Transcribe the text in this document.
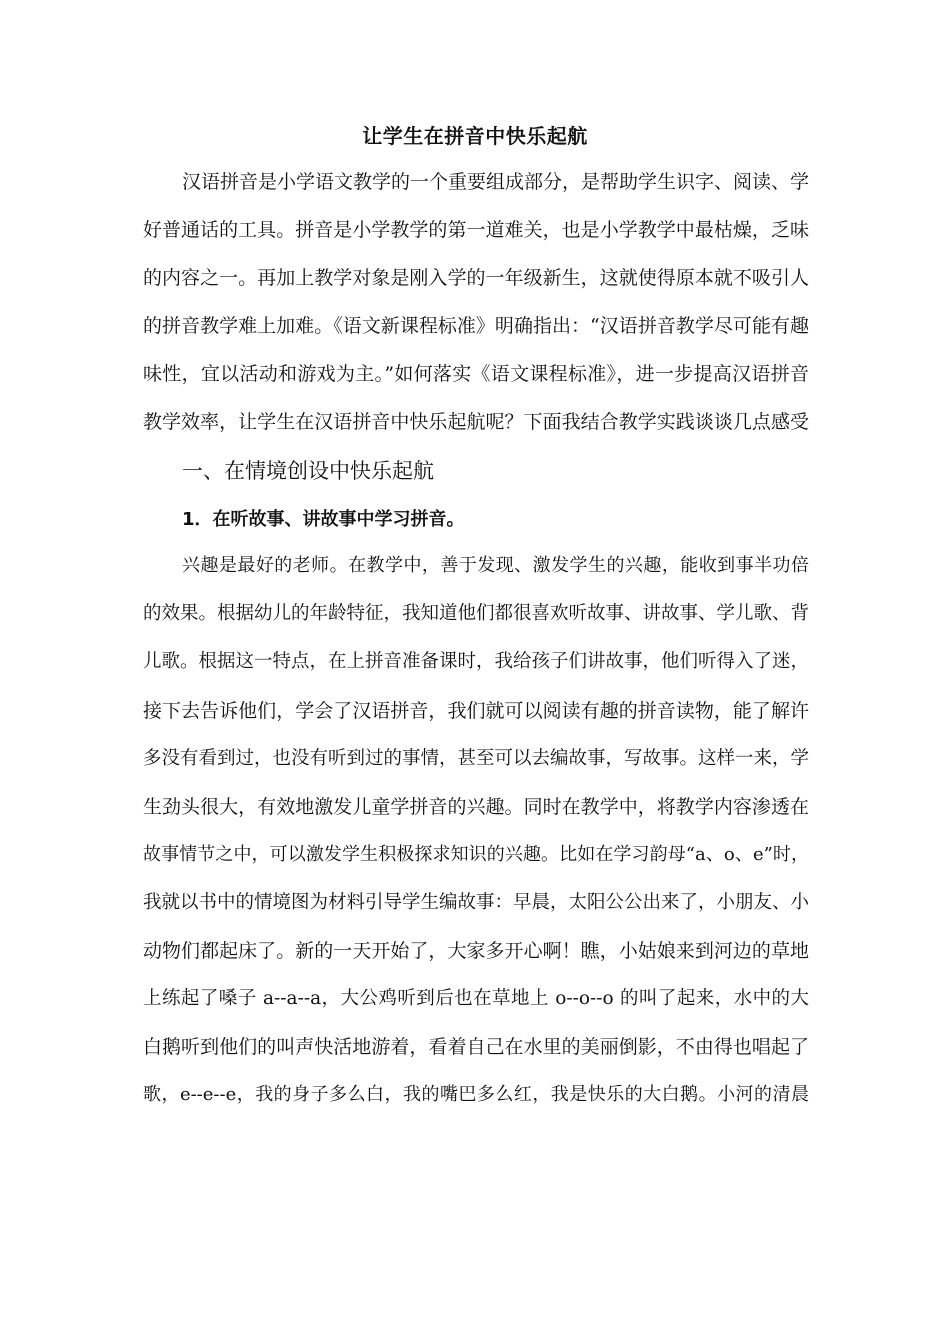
让学生在拼音中快乐起航
汉语拼音是小学语文教学的一个重要组成部分，是帮助学生识字、阅读、学
好普通话的工具。拼音是小学教学的第一道难关，也是小学教学中最枯燥，乏味
的内容之一。再加上教学对象是刚入学的一年级新生，这就使得原本就不吸引人
的拼音教学难上加难。《语文新课程标准》明确指出：“汉语拼音教学尽可能有趣
味性，宜以活动和游戏为主。”如何落实《语文课程标准》，进一步提高汉语拼音
教学效率，让学生在汉语拼音中快乐起航呢？下面我结合教学实践谈谈几点感受
一、在情境创设中快乐起航
1．在听故事、讲故事中学习拼音。
兴趣是最好的老师。在教学中，善于发现、激发学生的兴趣，能收到事半功倍
的效果。根据幼儿的年龄特征，我知道他们都很喜欢听故事、讲故事、学儿歌、背
儿歌。根据这一特点，在上拼音准备课时，我给孩子们讲故事，他们听得入了迷，
接下去告诉他们，学会了汉语拼音，我们就可以阅读有趣的拼音读物，能了解许
多没有看到过，也没有听到过的事情，甚至可以去编故事，写故事。这样一来，学
生劲头很大，有效地激发儿童学拼音的兴趣。同时在教学中，将教学内容渗透在
故事情节之中，可以激发学生积极探求知识的兴趣。比如在学习韵母“a、o、e”时，
我就以书中的情境图为材料引导学生编故事：早晨，太阳公公出来了，小朋友、小
动物们都起床了。新的一天开始了，大家多开心啊！瞧，小姑娘来到河边的草地
上练起了嗓子 a--a--a，大公鸡听到后也在草地上 o--o--o 的叫了起来，水中的大
白鹅听到他们的叫声快活地游着，看着自己在水里的美丽倒影，不由得也唱起了
歌，e--e--e，我的身子多么白，我的嘴巴多么红，我是快乐的大白鹅。小河的清晨
